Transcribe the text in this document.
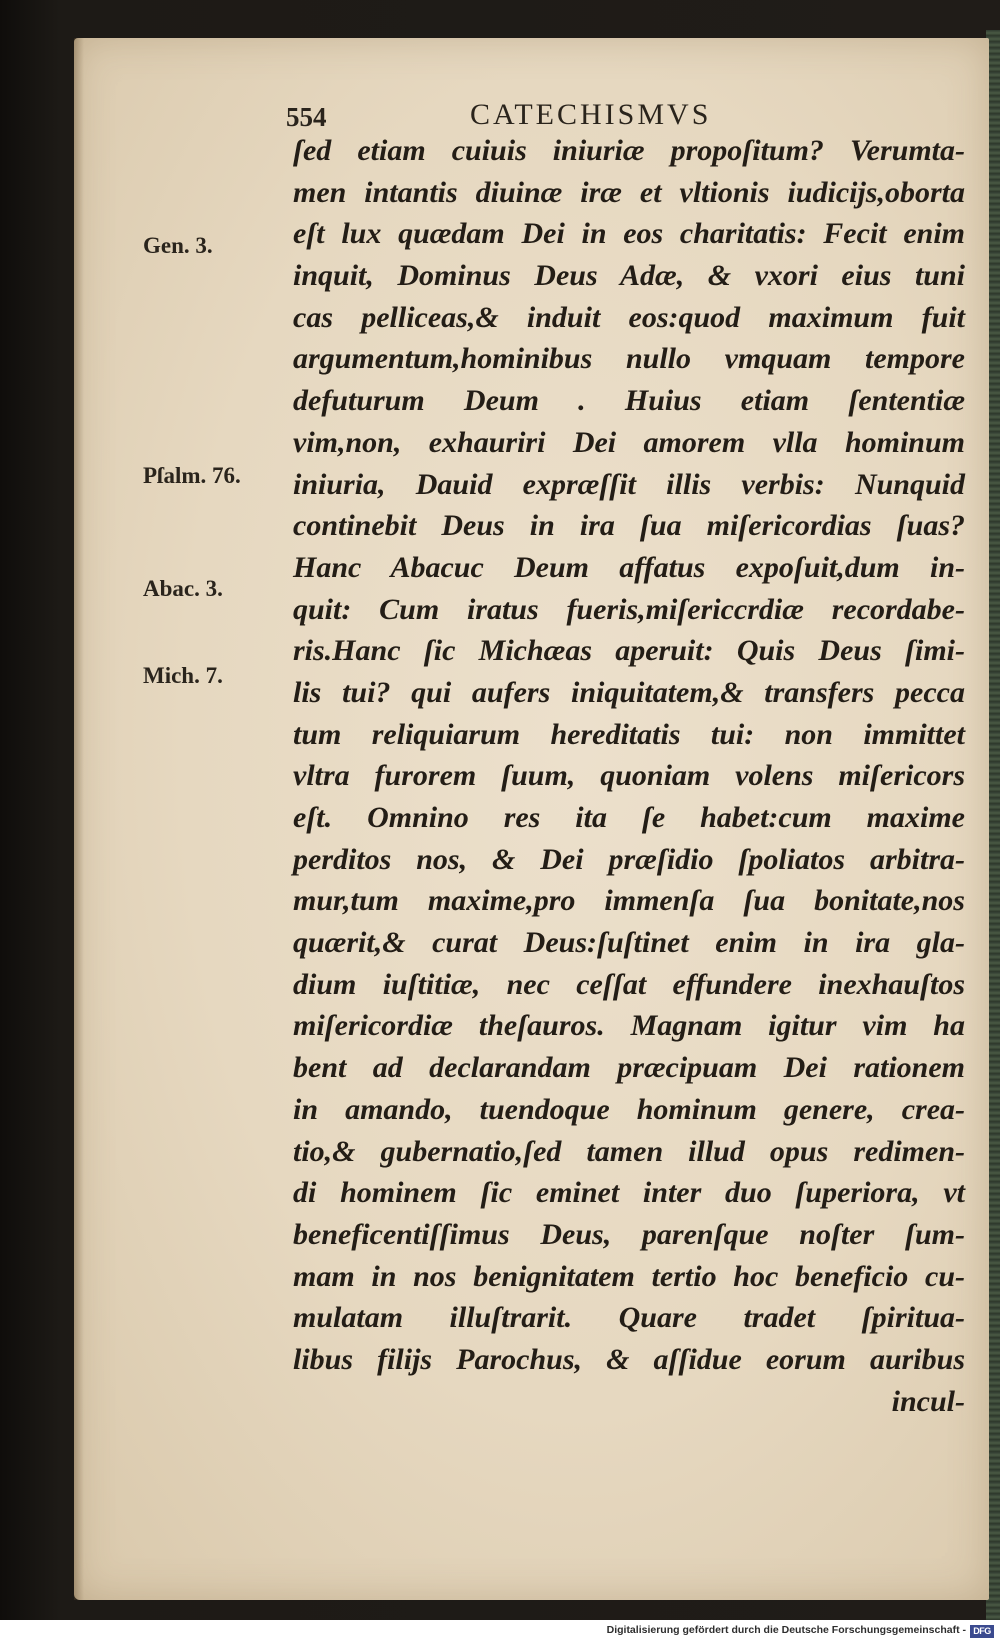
554	CATECHISMVS
Gen. 3.
Pſalm. 76.
Abac. 3.
Mich. 7.
ſed etiam cuiuis iniuriæ propoſitum? Verumta-
men intantis diuinæ iræ et vltionis iudicijs,oborta
eſt lux quædam Dei in eos charitatis: Fecit enim
inquit, Dominus Deus Adæ, & vxori eius tuni
cas pelliceas,& induit eos:quod maximum fuit
argumentum,hominibus nullo vmquam tempore
defuturum Deum . Huius etiam ſententiæ
vim,non, exhauriri Dei amorem vlla hominum
iniuria, Dauid expræſſit illis verbis: Nunquid
continebit Deus in ira ſua miſericordias ſuas?
Hanc Abacuc Deum affatus expoſuit,dum in-
quit: Cum iratus fueris,miſericcrdiæ recordabe-
ris.Hanc ſic Michæas aperuit: Quis Deus ſimi-
lis tui? qui aufers iniquitatem,& transfers pecca
tum reliquiarum hereditatis tui: non immittet
vltra furorem ſuum, quoniam volens miſericors
eſt. Omnino res ita ſe habet:cum maxime
perditos nos, & Dei præſidio ſpoliatos arbitra-
mur,tum maxime,pro immenſa ſua bonitate,nos
quærit,& curat Deus:ſuſtinet enim in ira gla-
dium iuſtitiæ, nec ceſſat effundere inexhauſtos
miſericordiæ theſauros. Magnam igitur vim ha
bent ad declarandam præcipuam Dei rationem
in amando, tuendoque hominum genere, crea-
tio,& gubernatio,ſed tamen illud opus redimen-
di hominem ſic eminet inter duo ſuperiora, vt
beneficentiſſimus Deus, parenſque noſter ſum-
mam in nos benignitatem tertio hoc beneficio cu-
mulatam illuſtrarit. Quare tradet ſpiritua-
libus filijs Parochus, & aſſidue eorum auribus
incul-
Digitalisierung gefördert durch die Deutsche Forschungsgemeinschaft - DFG
